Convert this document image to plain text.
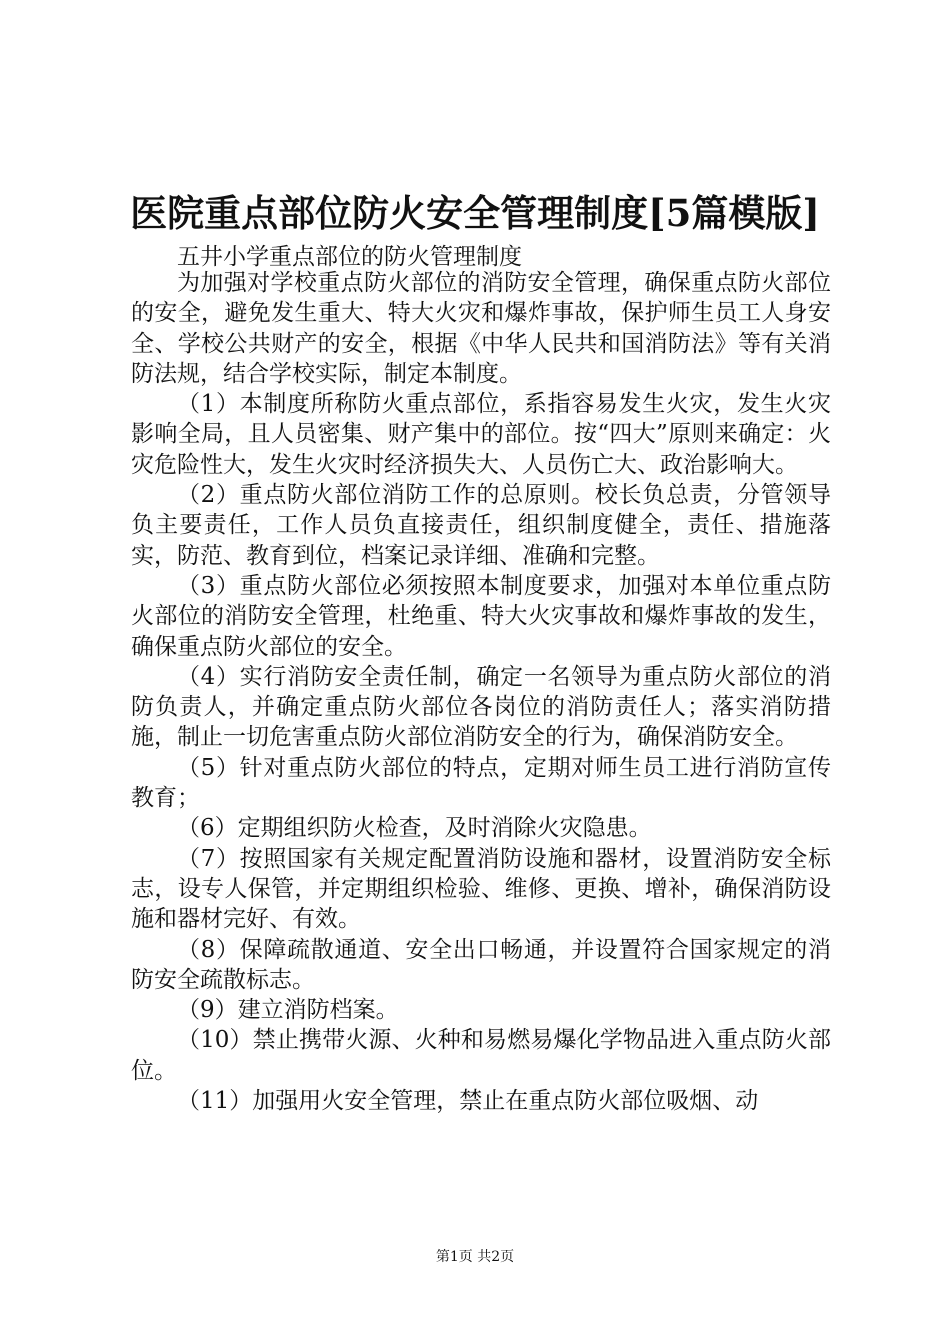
医院重点部位防火安全管理制度[5篇模版]
五井小学重点部位的防火管理制度

为加强对学校重点防火部位的消防安全管理，确保重点防火部位的安全，避免发生重大、特大火灾和爆炸事故，保护师生员工人身安全、学校公共财产的安全，根据《中华人民共和国消防法》等有关消防法规，结合学校实际，制定本制度。

（1）本制度所称防火重点部位，系指容易发生火灾，发生火灾影响全局，且人员密集、财产集中的部位。按“四大”原则来确定：火灾危险性大，发生火灾时经济损失大、人员伤亡大、政治影响大。

（2）重点防火部位消防工作的总原则。校长负总责，分管领导负主要责任，工作人员负直接责任，组织制度健全，责任、措施落实，防范、教育到位，档案记录详细、准确和完整。

（3）重点防火部位必须按照本制度要求，加强对本单位重点防火部位的消防安全管理，杜绝重、特大火灾事故和爆炸事故的发生，确保重点防火部位的安全。

（4）实行消防安全责任制，确定一名领导为重点防火部位的消防负责人，并确定重点防火部位各岗位的消防责任人；落实消防措施，制止一切危害重点防火部位消防安全的行为，确保消防安全。

（5）针对重点防火部位的特点，定期对师生员工进行消防宣传教育；

（6）定期组织防火检查，及时消除火灾隐患。

（7）按照国家有关规定配置消防设施和器材，设置消防安全标志，设专人保管，并定期组织检验、维修、更换、增补，确保消防设施和器材完好、有效。

（8）保障疏散通道、安全出口畅通，并设置符合国家规定的消防安全疏散标志。

（9）建立消防档案。

（10）禁止携带火源、火种和易燃易爆化学物品进入重点防火部位。

（11）加强用火安全管理，禁止在重点防火部位吸烟、动

第1页 共2页
